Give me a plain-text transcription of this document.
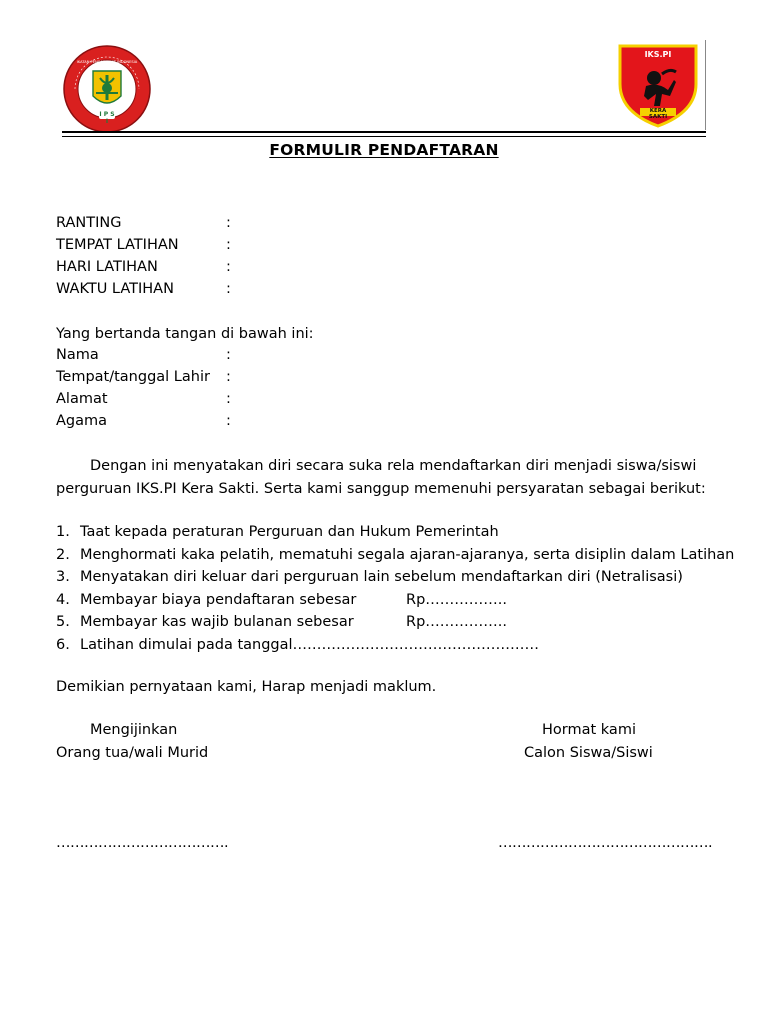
IKS.PI
KERA SAKTI
I P S I
IKATAN PENCAK SILAT INDONESIA
FORMULIR PENDAFTARAN
RANTING	:
TEMPAT LATIHAN	:
HARI LATIHAN	:
WAKTU LATIHAN	:
Yang bertanda tangan di bawah ini:
Nama	:
Tempat/tanggal Lahir :
Alamat	:
Agama	:
Dengan ini menyatakan diri secara suka rela mendaftarkan diri menjadi siswa/siswi
perguruan IKS.PI Kera Sakti. Serta kami sanggup memenuhi persyaratan sebagai berikut:
1. Taat kepada peraturan Perguruan dan Hukum Pemerintah
2. Menghormati kaka pelatih, mematuhi segala ajaran-ajaranya, serta disiplin dalam Latihan
3. Menyatakan diri keluar dari perguruan lain sebelum mendaftarkan diri (Netralisasi)
4. Membayar biaya pendaftaran sebesar	Rp……………..
5. Membayar kas wajib bulanan sebesar	Rp……………..
6. Latihan dimulai pada tanggal……………………………………………
Demikian pernyataan kami, Harap menjadi maklum.
Mengijinkan
Orang tua/wali Murid
Hormat kami
Calon Siswa/Siswi
……………………………….	……………………………………….
